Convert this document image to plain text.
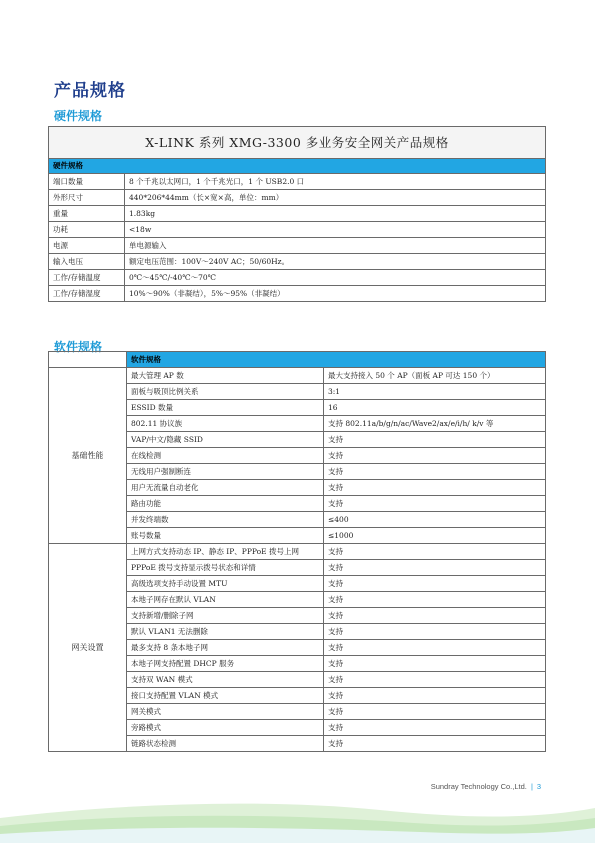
产品规格
硬件规格
X-LINK 系列 XMG-3300 多业务安全网关产品规格	
硬件规格	
端口数量	8 个千兆以太网口，1 个千兆光口，1 个 USB2.0 口
外形尺寸	440*206*44mm（长×宽×高，单位：mm）
重量	1.83kg
功耗	<18w
电源	单电源输入
输入电压	额定电压范围：100V～240V AC；50/60Hz。
工作/存储温度	0℃～45℃/-40℃～70℃
工作/存储湿度	10%～90%（非凝结），5%～95%（非凝结）
软件规格
	软件规格	
基础性能	最大管理 AP 数	最大支持接入 50 个 AP（面板 AP 可达 150 个）
	面板与吸顶比例关系	3:1
	ESSID 数量	16
	802.11 协议族	支持 802.11a/b/g/n/ac/Wave2/ax/e/i/h/ k/v 等
	VAP/中文/隐藏 SSID	支持
	在线检测	支持
	无线用户强制断连	支持
	用户无流量自动老化	支持
	路由功能	支持
	并发终端数	≤400
	账号数量	≤1000
网关设置	上网方式支持动态 IP、静态 IP、PPPoE 拨号上网	支持
	PPPoE 拨号支持显示拨号状态和详情	支持
	高级选项支持手动设置 MTU	支持
	本地子网存在默认 VLAN	支持
	支持新增/删除子网	支持
	默认 VLAN1 无法删除	支持
	最多支持 8 条本地子网	支持
	本地子网支持配置 DHCP 服务	支持
	支持双 WAN 模式	支持
	接口支持配置 VLAN 模式	支持
	网关模式	支持
	旁路模式	支持
	链路状态检测	支持
Sundray Technology Co.,Ltd. | 3
